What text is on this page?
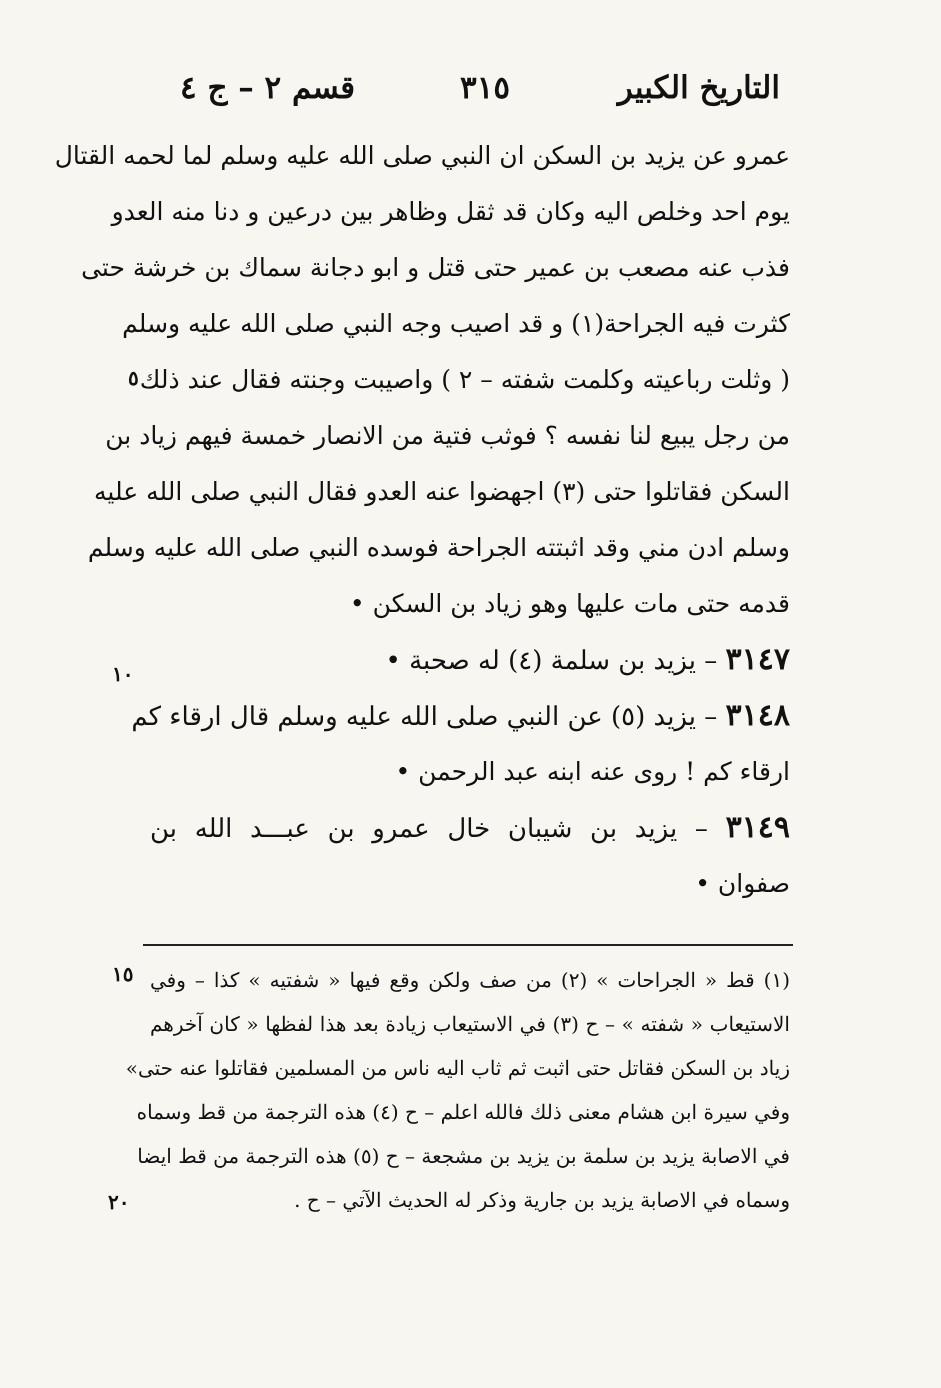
التاريخ الكبير
٣١٥
قسم ٢ – ج ٤
عمرو عن يزيد بن السكن ان النبي صلى الله عليه وسلم لما لحمه القتال
يوم احد وخلص اليه وكان قد ثقل وظاهر بين درعين و دنا منه العدو
فذب عنه مصعب بن عمير حتى قتل و ابو دجانة سماك بن خرشة حتى
كثرت فيه الجراحة(١) و قد اصيب وجه النبي صلى الله عليه وسلم
( وثلت رباعيته وكلمت شفته – ٢ ) واصيبت وجنته فقال عند ذلك
من رجل يبيع لنا نفسه ؟ فوثب فتية من الانصار خمسة فيهم زياد بن
السكن فقاتلوا حتى (٣) اجهضوا عنه العدو فقال النبي صلى الله عليه
وسلم ادن مني وقد اثبتته الجراحة فوسده النبي صلى الله عليه وسلم
قدمه حتى مات عليها وهو زياد بن السكن •
٣١٤٧ – يزيد بن سلمة (٤) له صحبة •
٣١٤٨ – يزيد (٥) عن النبي صلى الله عليه وسلم قال ارقاء كم
ارقاء كم ! روى عنه ابنه عبد الرحمن •
٣١٤٩ – يزيد بن شيبان خال عمرو بن عبـــد الله بن
صفوان •
(١) قط « الجراحات » (٢) من صف ولكن وقع فيها « شفتيه » كذا – وفي
الاستيعاب « شفته » – ح (٣) في الاستيعاب زيادة بعد هذا لفظها « كان آخرهم
زياد بن السكن فقاتل حتى اثبت ثم ثاب اليه ناس من المسلمين فقاتلوا عنه حتى»
وفي سيرة ابن هشام معنى ذلك فالله اعلم – ح (٤) هذه الترجمة من قط وسماه
في الاصابة يزيد بن سلمة بن يزيد بن مشجعة – ح (٥) هذه الترجمة من قط ايضا
وسماه في الاصابة يزيد بن جارية وذكر له الحديث الآتي – ح .
٥
١٠
١٥
٢٠
